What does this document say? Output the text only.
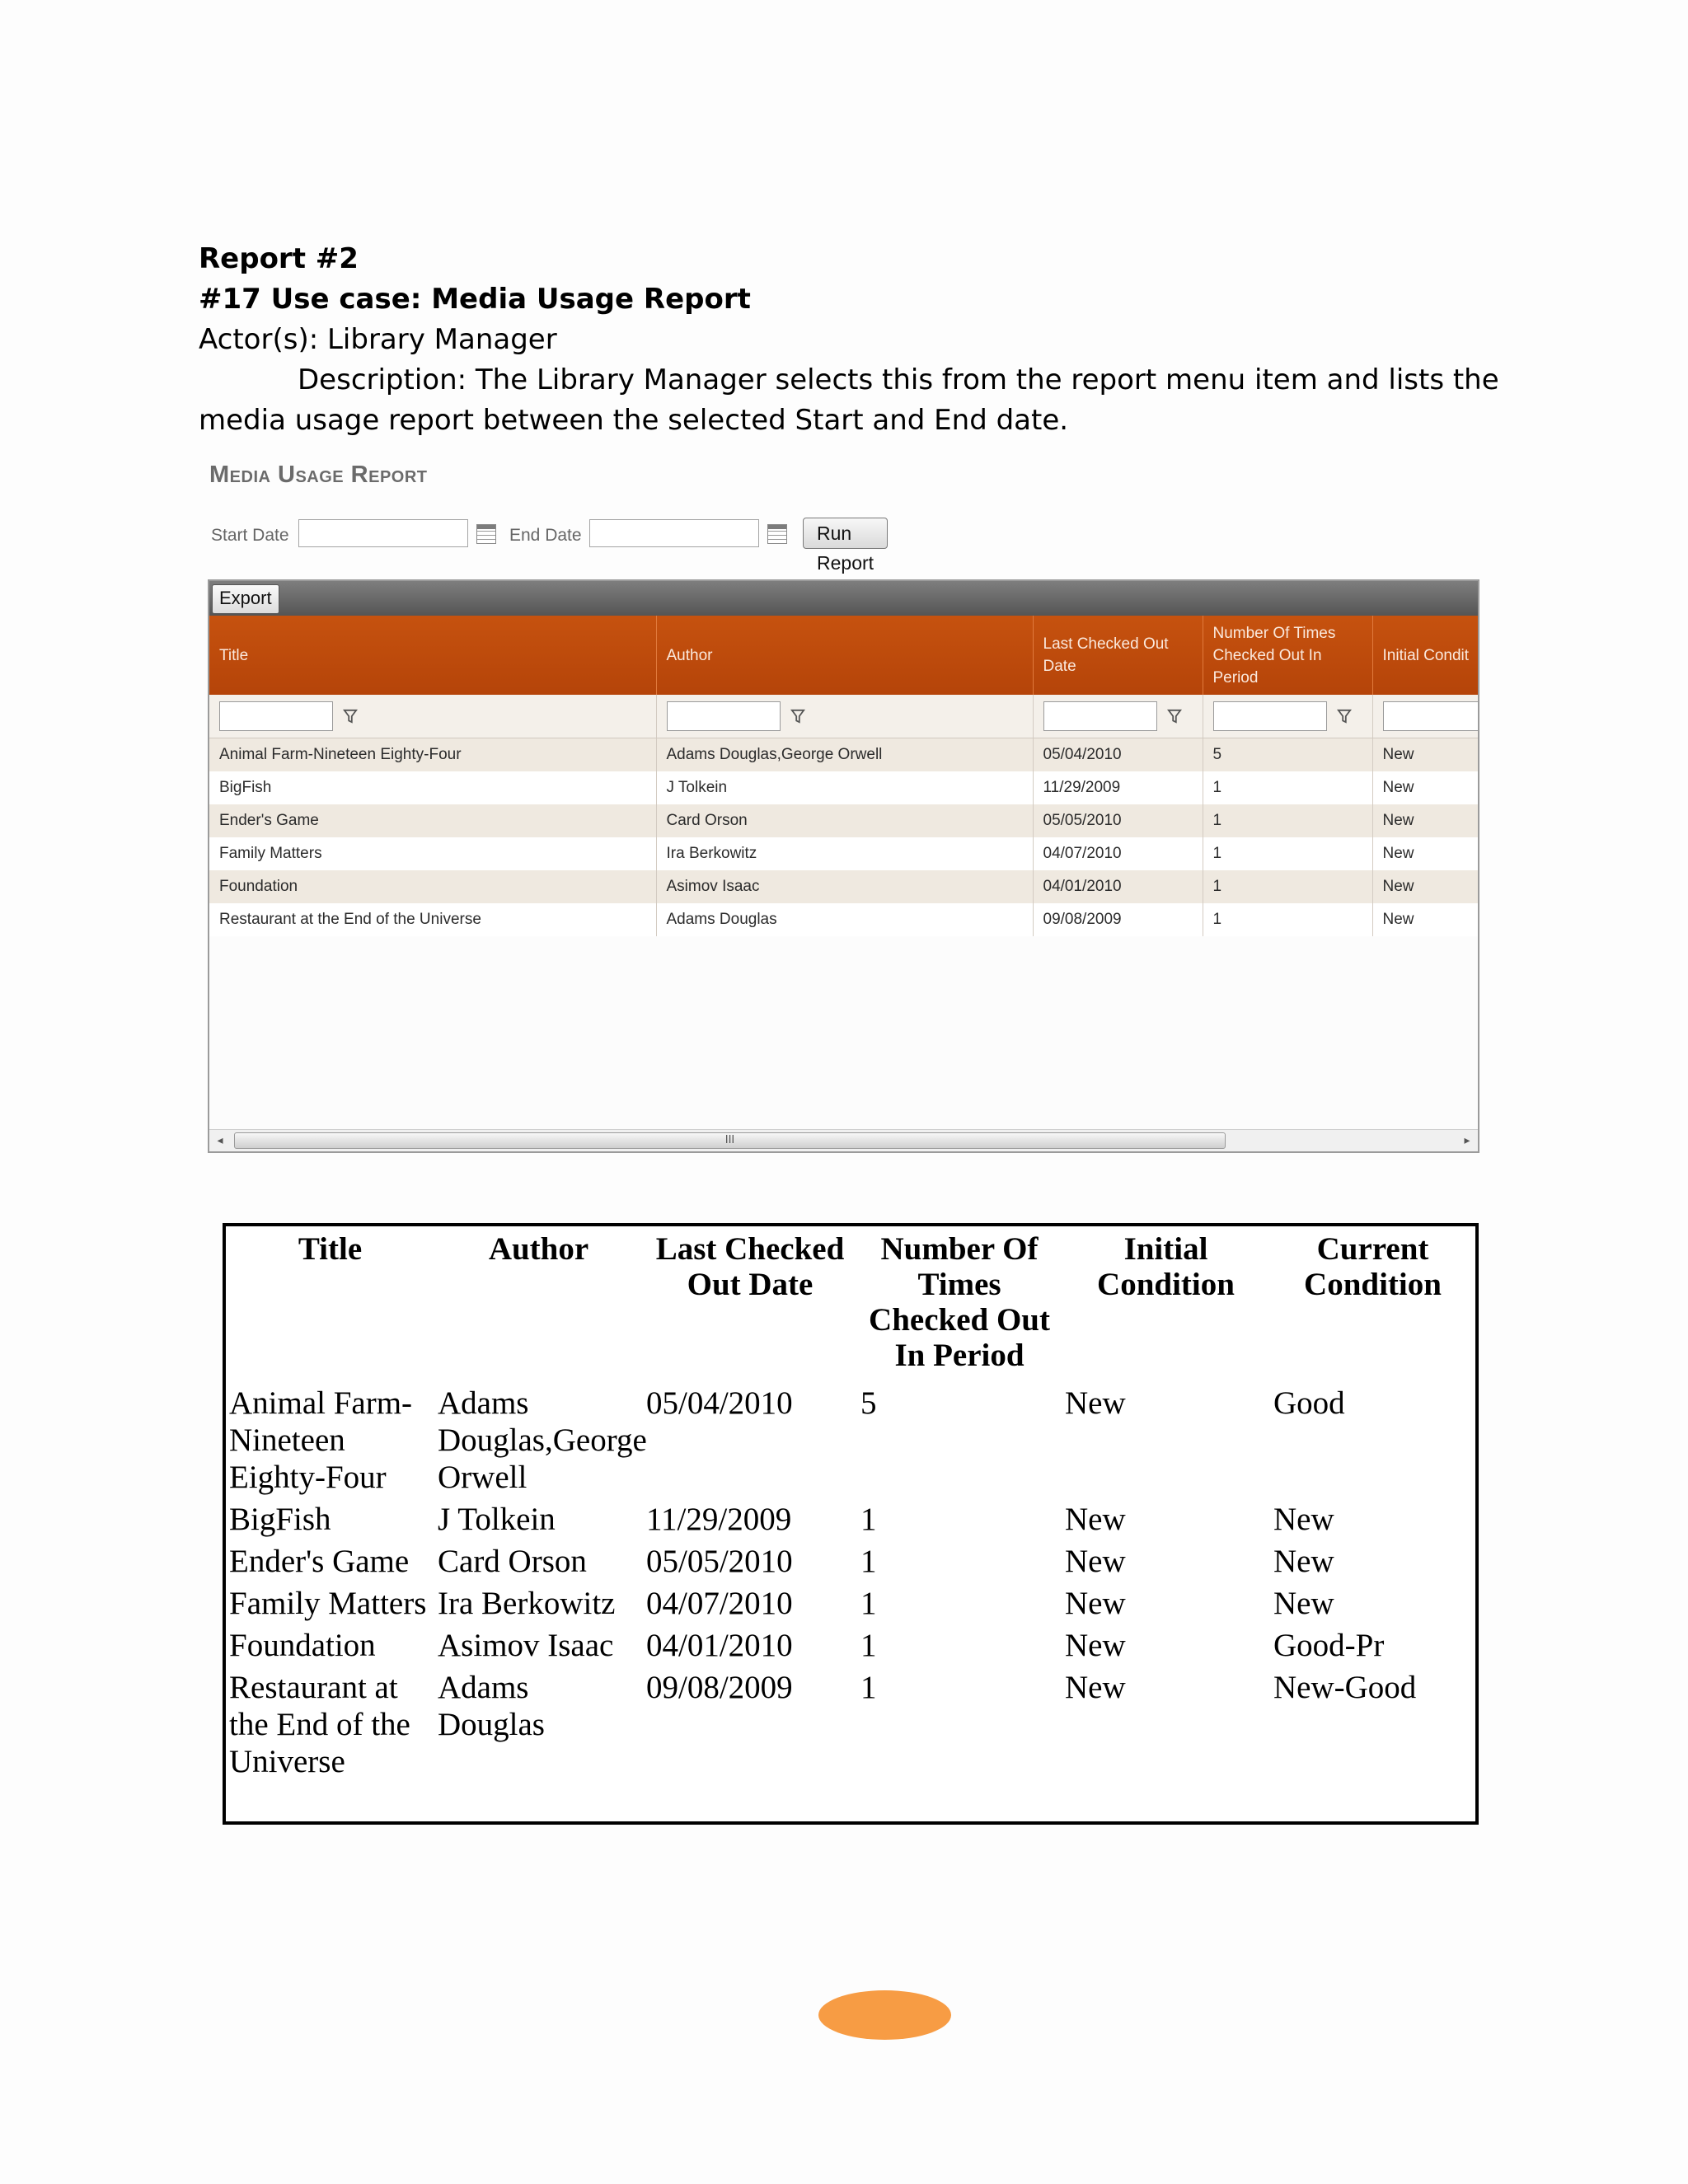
Report #2
#17 Use case: Media Usage Report
Actor(s): Library Manager
Description: The Library Manager selects this from the report menu item and lists the
media usage report between the selected Start and End date.
Media Usage Report
Start Date	End Date	Run Report
Export
Title	Author	Last Checked Out Date	Number Of Times Checked Out In Period	Initial Condit

Animal Farm-Nineteen Eighty-Four	Adams Douglas,George Orwell	05/04/2010	5	New
BigFish	J Tolkein	11/29/2009	1	New
Ender's Game	Card Orson	05/05/2010	1	New
Family Matters	Ira Berkowitz	04/07/2010	1	New
Foundation	Asimov Isaac	04/01/2010	1	New
Restaurant at the End of the Universe	Adams Douglas	09/08/2009	1	New
◂	III	▸
Title	Author	Last Checked Out Date	Number Of Times Checked Out In Period	Initial Condition	Current Condition
Animal Farm-Nineteen Eighty-Four	Adams Douglas,George Orwell	05/04/2010	5	New	Good
BigFish	J Tolkein	11/29/2009	1	New	New
Ender's Game	Card Orson	05/05/2010	1	New	New
Family Matters	Ira Berkowitz	04/07/2010	1	New	New
Foundation	Asimov Isaac	04/01/2010	1	New	Good-Pr
Restaurant at the End of the Universe	Adams Douglas	09/08/2009	1	New	New-Good
